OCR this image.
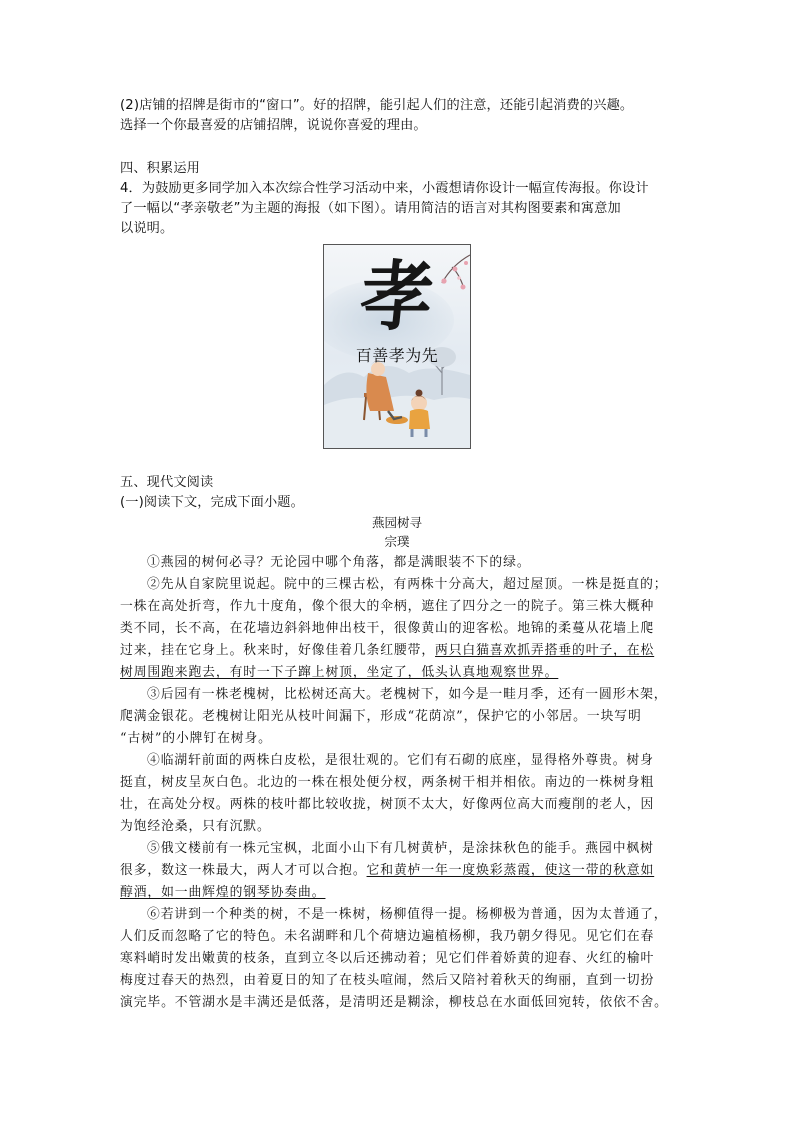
(2)店铺的招牌是街市的“窗口”。好的招牌，能引起人们的注意，还能引起消费的兴趣。
选择一个你最喜爱的店铺招牌，说说你喜爱的理由。
四、积累运用
4．为鼓励更多同学加入本次综合性学习活动中来，小霞想请你设计一幅宣传海报。你设计
了一幅以“孝亲敬老”为主题的海报（如下图）。请用简洁的语言对其构图要素和寓意加
以说明。
孝
百善孝为先
五、现代文阅读
(一)阅读下文，完成下面小题。
燕园树寻
宗璞
①燕园的树何必寻？无论园中哪个角落，都是满眼装不下的绿。
②先从自家院里说起。院中的三棵古松，有两株十分高大，超过屋顶。一株是挺直的；
一株在高处折弯，作九十度角，像个很大的伞柄，遮住了四分之一的院子。第三株大概种
类不同，长不高，在花墙边斜斜地伸出枝干，很像黄山的迎客松。地锦的柔蔓从花墙上爬
过来，挂在它身上。秋来时，好像佳着几条红腰带，两只白猫喜欢抓弄搭垂的叶子，在松
树周围跑来跑去，有时一下子蹿上树顶，坐定了，低头认真地观察世界。
③后园有一株老槐树，比松树还高大。老槐树下，如今是一畦月季，还有一圆形木架，
爬满金银花。老槐树让阳光从枝叶间漏下，形成“花荫凉”，保护它的小邻居。一块写明
“古树”的小牌钉在树身。
④临湖轩前面的两株白皮松，是很壮观的。它们有石砌的底座，显得格外尊贵。树身
挺直，树皮呈灰白色。北边的一株在根处便分杈，两条树干相并相依。南边的一株树身粗
壮，在高处分杈。两株的枝叶都比较收拢，树顶不太大，好像两位高大而瘦削的老人，因
为饱经沧桑，只有沉默。
⑤俄文楼前有一株元宝枫，北面小山下有几树黄栌，是涂抹秋色的能手。燕园中枫树
很多，数这一株最大，两人才可以合抱。它和黄栌一年一度焕彩蒸霞，使这一带的秋意如
醇酒，如一曲辉煌的钢琴协奏曲。
⑥若讲到一个种类的树，不是一株树，杨柳值得一提。杨柳极为普通，因为太普通了，
人们反而忽略了它的特色。未名湖畔和几个荷塘边遍植杨柳，我乃朝夕得见。见它们在春
寒料峭时发出嫩黄的枝条，直到立冬以后还拂动着；见它们伴着娇黄的迎春、火红的榆叶
梅度过春天的热烈，由着夏日的知了在枝头喧闹，然后又陪衬着秋天的绚丽，直到一切扮
演完毕。不管湖水是丰满还是低落，是清明还是糊涂，柳枝总在水面低回宛转，依依不舍。
